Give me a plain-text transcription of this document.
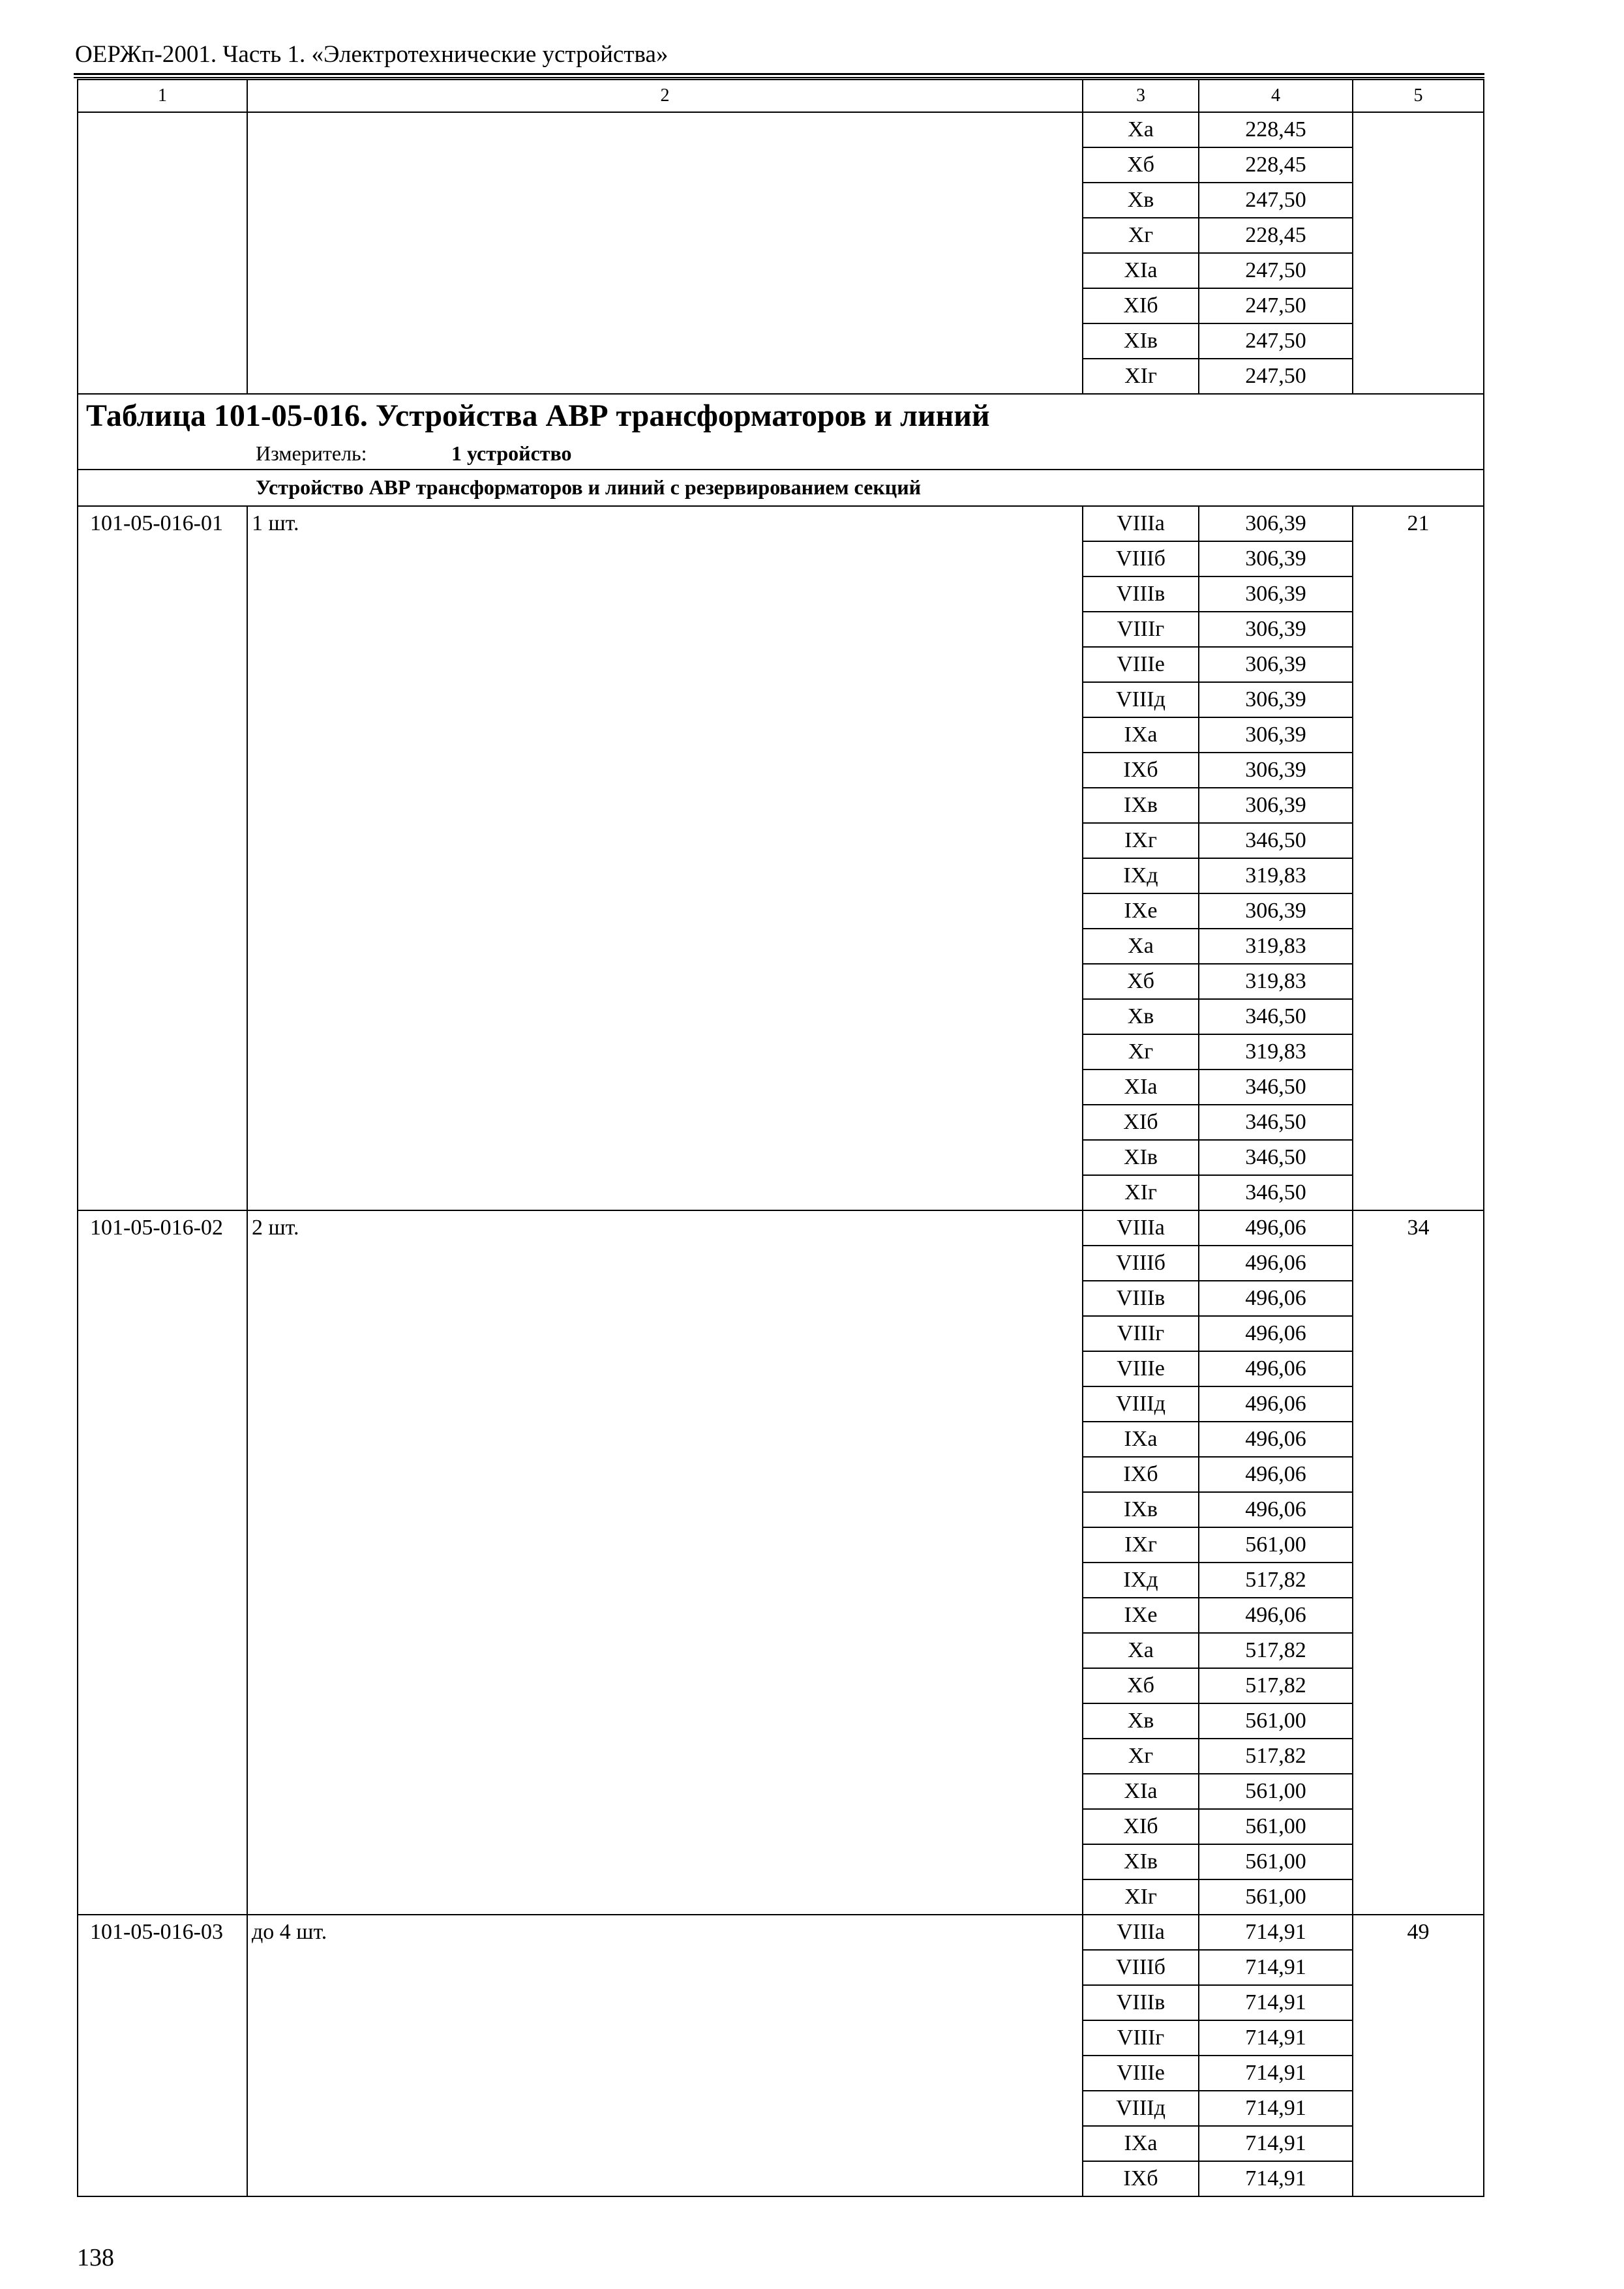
ОЕРЖп-2001. Часть 1. «Электротехнические устройства»
1	2	3	4	5
		Xа	228,45	
		Xб	228,45	
		Xв	247,50	
		Xг	228,45	
		XIа	247,50	
		XIб	247,50	
		XIв	247,50	
		XIг	247,50	
Таблица 101-05-016. Устройства АВР трансформаторов и линий				
Измеритель: 1 устройство				
Устройство АВР трансформаторов и линий с резервированием секций				
101-05-016-01	1 шт.	VIIIа	306,39	21
		VIIIб	306,39	
		VIIIв	306,39	
		VIIIг	306,39	
		VIIIе	306,39	
		VIIIд	306,39	
		IXа	306,39	
		IXб	306,39	
		IXв	306,39	
		IXг	346,50	
		IXд	319,83	
		IXе	306,39	
		Xа	319,83	
		Xб	319,83	
		Xв	346,50	
		Xг	319,83	
		XIа	346,50	
		XIб	346,50	
		XIв	346,50	
		XIг	346,50	
101-05-016-02	2 шт.	VIIIа	496,06	34
		VIIIб	496,06	
		VIIIв	496,06	
		VIIIг	496,06	
		VIIIе	496,06	
		VIIIд	496,06	
		IXа	496,06	
		IXб	496,06	
		IXв	496,06	
		IXг	561,00	
		IXд	517,82	
		IXе	496,06	
		Xа	517,82	
		Xб	517,82	
		Xв	561,00	
		Xг	517,82	
		XIа	561,00	
		XIб	561,00	
		XIв	561,00	
		XIг	561,00	
101-05-016-03	до 4 шт.	VIIIа	714,91	49
		VIIIб	714,91	
		VIIIв	714,91	
		VIIIг	714,91	
		VIIIе	714,91	
		VIIIд	714,91	
		IXа	714,91	
		IXб	714,91	
138
